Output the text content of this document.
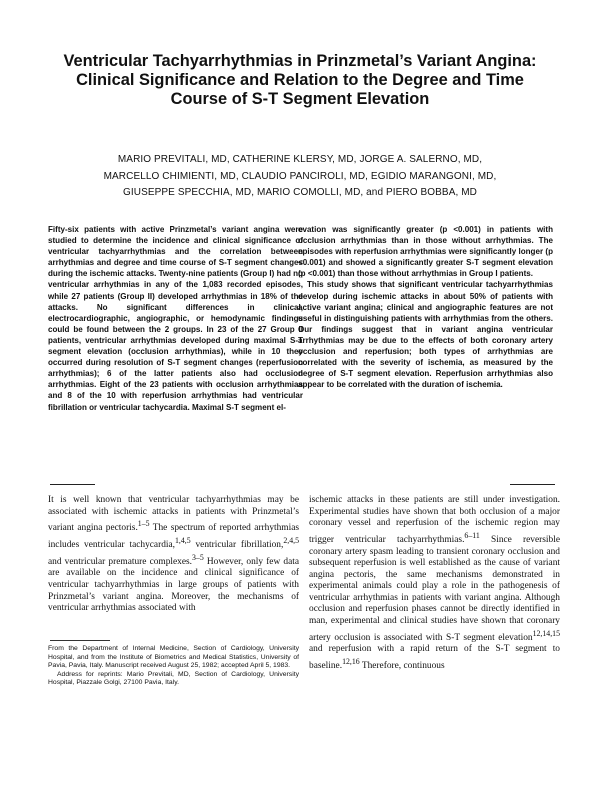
Ventricular Tachyarrhythmias in Prinzmetal’s Variant Angina:
Clinical Significance and Relation to the Degree and Time
Course of S-T Segment Elevation
MARIO PREVITALI, MD, CATHERINE KLERSY, MD, JORGE A. SALERNO, MD,
MARCELLO CHIMIENTI, MD, CLAUDIO PANCIROLI, MD, EGIDIO MARANGONI, MD,
GIUSEPPE SPECCHIA, MD, MARIO COMOLLI, MD, and PIERO BOBBA, MD

Fifty-six patients with active Prinzmetal’s variant angina were studied to determine the incidence and clinical significance of ventricular tachyarrhythmias and the correlation between arrhythmias and degree and time course of S-T segment changes during the ischemic attacks. Twenty-nine patients (Group I) had no ventricular arrhythmias in any of the 1,083 recorded episodes, while 27 patients (Group II) developed arrhythmias in 18% of the attacks. No significant differences in clinical, electrocardiographic, angiographic, or hemodynamic findings could be found between the 2 groups. In 23 of the 27 Group II patients, ventricular arrhythmias developed during maximal S-T segment elevation (occlusion arrhythmias), while in 10 they occurred during resolution of S-T segment changes (reperfusion arrhythmias); 6 of the latter patients also had occlusion arrhythmias. Eight of the 23 patients with occlusion arrhythmias and 8 of the 10 with reperfusion arrhythmias had ventricular fibrillation or ventricular tachycardia. Maximal S-T segment el-

evation was significantly greater (p <0.001) in patients with occlusion arrhythmias than in those without arrhythmias. The episodes with reperfusion arrhythmias were significantly longer (p <0.001) and showed a significantly greater S-T segment elevation (p <0.001) than those without arrhythmias in Group I patients.

This study shows that significant ventricular tachyarrhythmias develop during ischemic attacks in about 50% of patients with active variant angina; clinical and angiographic features are not useful in distinguishing patients with arrhythmias from the others. Our findings suggest that in variant angina ventricular arrhythmias may be due to the effects of both coronary artery occlusion and reperfusion; both types of arrhythmias are correlated with the severity of ischemia, as measured by the degree of S-T segment elevation. Reperfusion arrhythmias also appear to be correlated with the duration of ischemia.

It is well known that ventricular tachyarrhythmias may be associated with ischemic attacks in patients with Prinzmetal’s variant angina pectoris.$^{1-5}$ The spectrum of reported arrhythmias includes ventricular tachycardia,$^{1,4,5}$ ventricular fibrillation,$^{2,4,5}$ and ventricular premature complexes.$^{3-5}$ However, only few data are available on the incidence and clinical significance of ventricular tachyarrhythmias in large groups of patients with Prinzmetal’s variant angina. Moreover, the mechanisms of ventricular arrhythmias associated with

ischemic attacks in these patients are still under investigation. Experimental studies have shown that both occlusion of a major coronary vessel and reperfusion of the ischemic region may trigger ventricular tachyarrhythmias.$^{6-11}$ Since reversible coronary artery spasm leading to transient coronary occlusion and subsequent reperfusion is well established as the cause of variant angina pectoris, the same mechanisms demonstrated in experimental animals could play a role in the pathogenesis of ventricular arrhythmias in patients with variant angina. Although occlusion and reperfusion phases cannot be directly identified in man, experimental and clinical studies have shown that coronary artery occlusion is associated with S-T segment elevation$^{12,14,15}$ and reperfusion with a rapid return of the S-T segment to baseline.$^{12,16}$ Therefore, continuous

From the Department of Internal Medicine, Section of Cardiology, University Hospital, and from the Institute of Biometrics and Medical Statistics, University of Pavia, Pavia, Italy. Manuscript received August 25, 1982; accepted April 5, 1983.

Address for reprints: Mario Previtali, MD, Section of Cardiology, University Hospital, Piazzale Golgi, 27100 Pavia, Italy.
